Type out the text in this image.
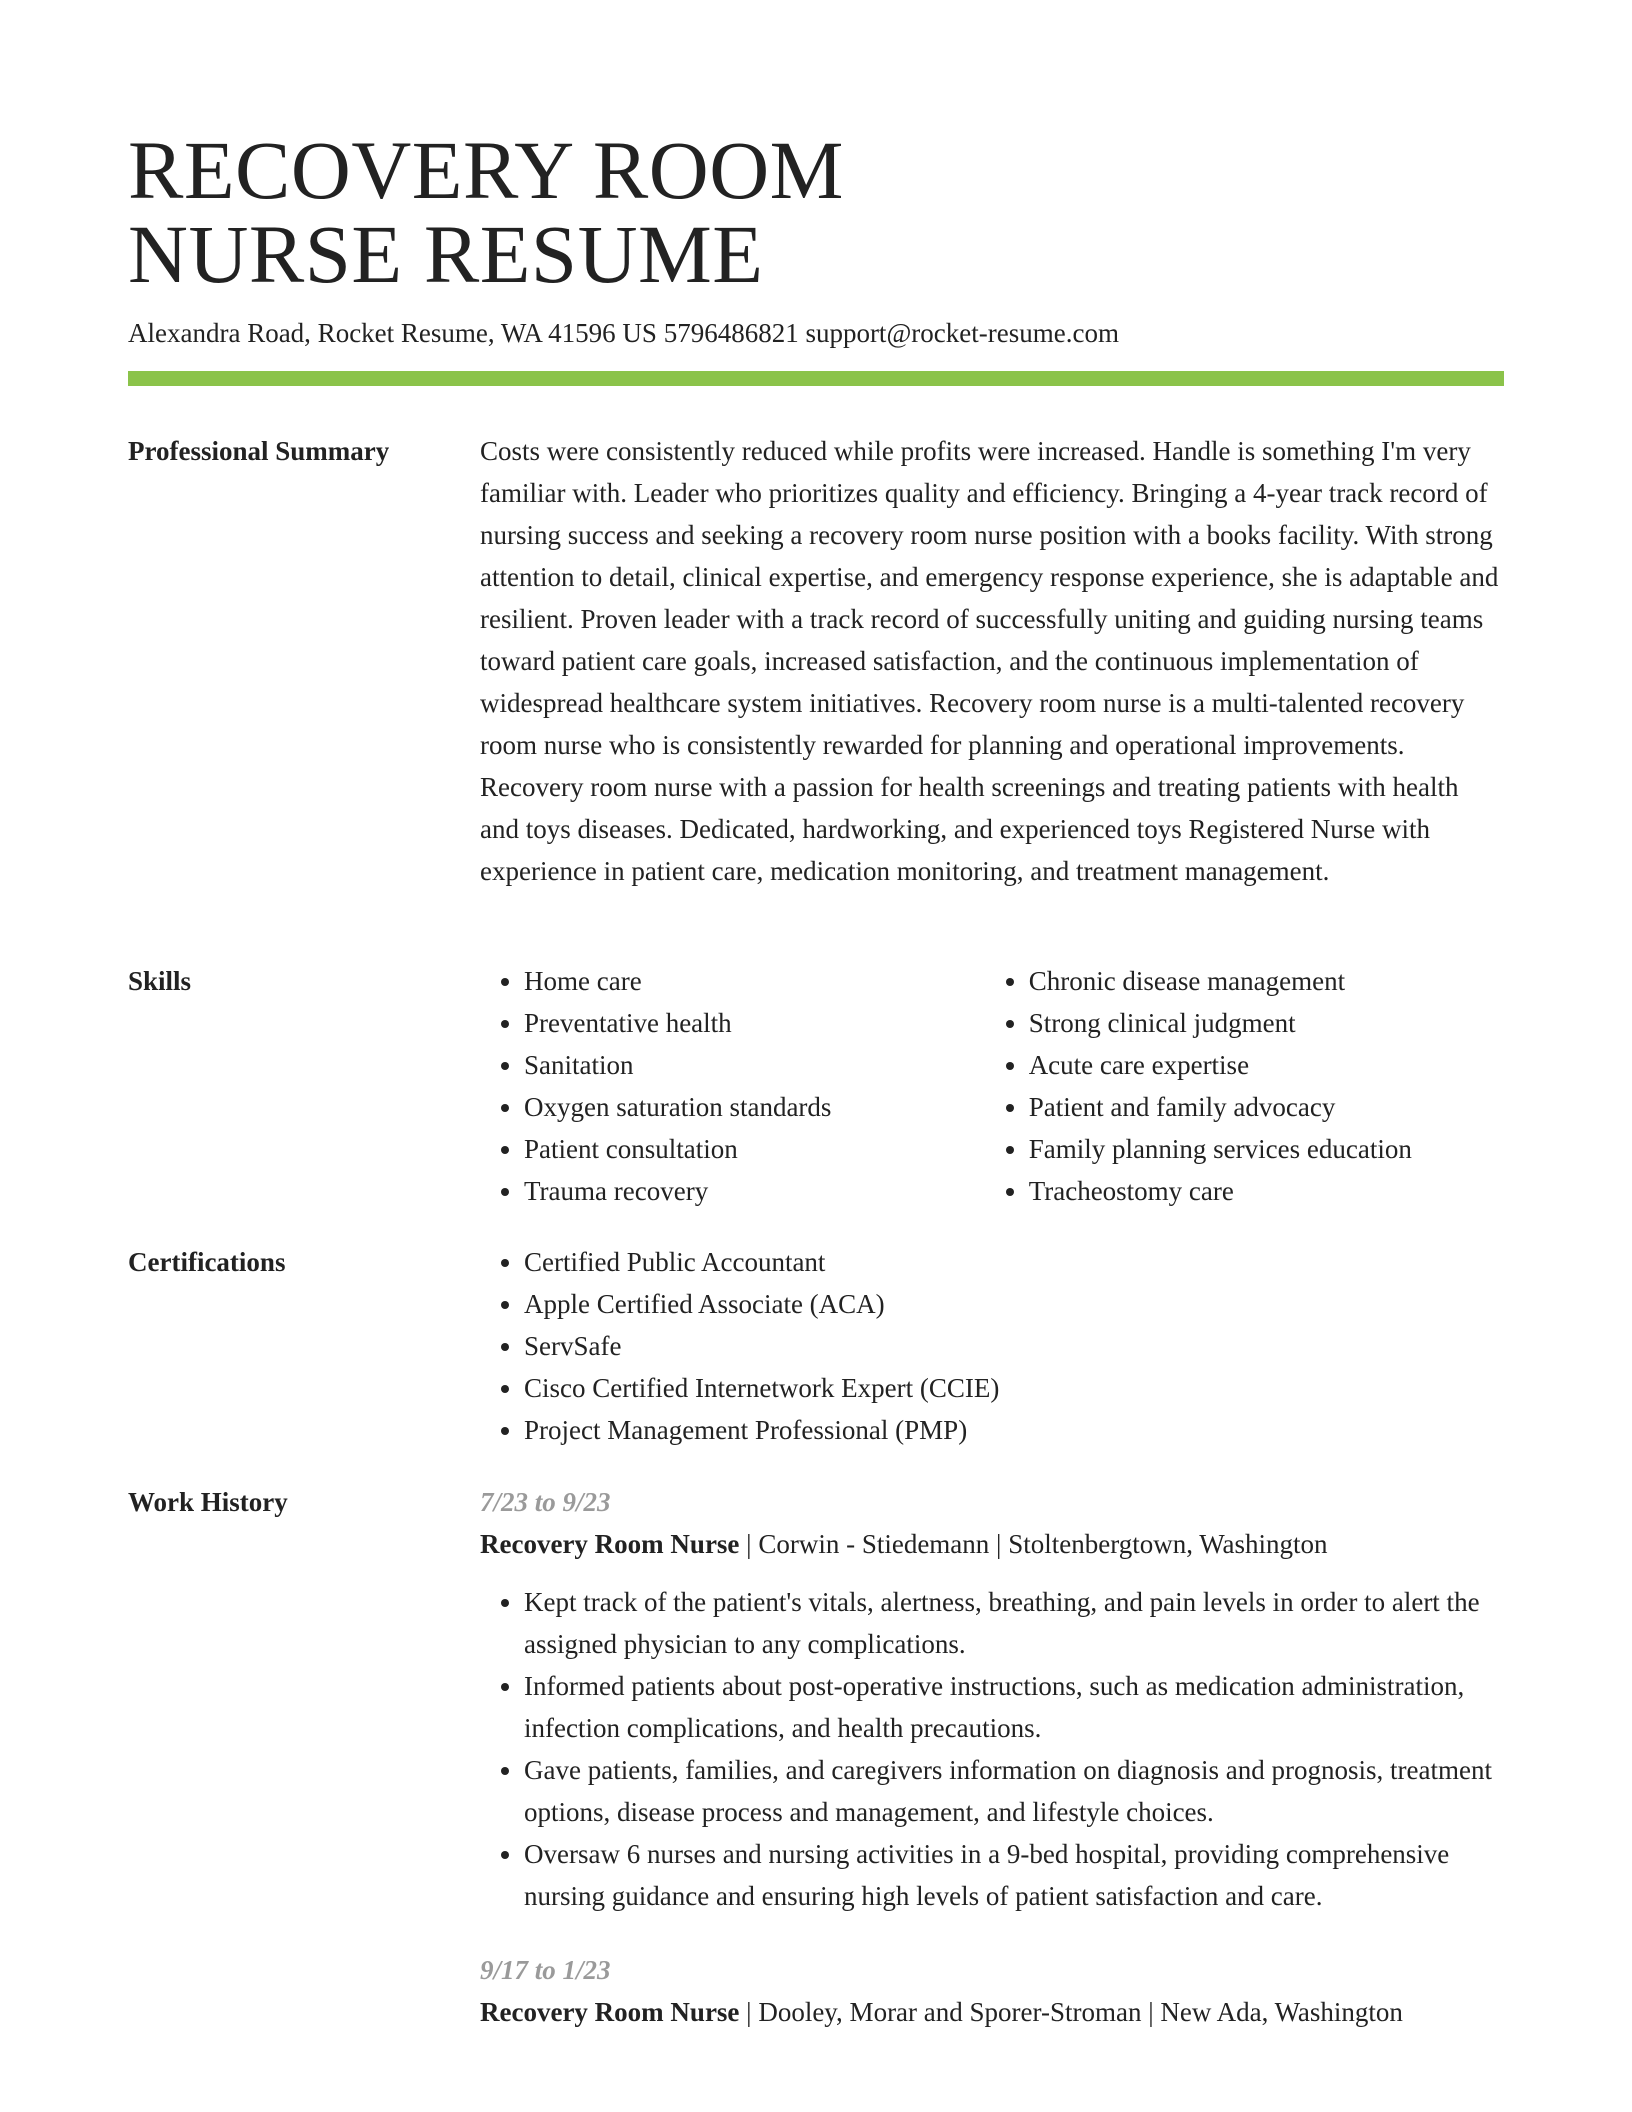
RECOVERY ROOM
NURSE RESUME
Alexandra Road, Rocket Resume, WA 41596 US 5796486821 support@rocket-resume.com
Professional Summary	Costs were consistently reduced while profits were increased. Handle is something I'm very familiar with. Leader who prioritizes quality and efficiency. Bringing a 4-year track record of nursing success and seeking a recovery room nurse position with a books facility. With strong attention to detail, clinical expertise, and emergency response experience, she is adaptable and resilient. Proven leader with a track record of successfully uniting and guiding nursing teams toward patient care goals, increased satisfaction, and the continuous implementation of widespread healthcare system initiatives. Recovery room nurse is a multi-talented recovery room nurse who is consistently rewarded for planning and operational improvements. Recovery room nurse with a passion for health screenings and treating patients with health and toys diseases. Dedicated, hardworking, and experienced toys Registered Nurse with experience in patient care, medication monitoring, and treatment management.

Skills	• Home care
• Preventative health
• Sanitation
• Oxygen saturation standards
• Patient consultation
• Trauma recovery
• Chronic disease management
• Strong clinical judgment
• Acute care expertise
• Patient and family advocacy
• Family planning services education
• Tracheostomy care
Certifications	• Certified Public Accountant
• Apple Certified Associate (ACA)
• ServSafe
• Cisco Certified Internetwork Expert (CCIE)
• Project Management Professional (PMP)
Work History	7/23 to 9/23
Recovery Room Nurse | Corwin - Stiedemann | Stoltenbergtown, Washington
• Kept track of the patient's vitals, alertness, breathing, and pain levels in order to alert the assigned physician to any complications.
• Informed patients about post-operative instructions, such as medication administration, infection complications, and health precautions.
• Gave patients, families, and caregivers information on diagnosis and prognosis, treatment options, disease process and management, and lifestyle choices.
• Oversaw 6 nurses and nursing activities in a 9-bed hospital, providing comprehensive nursing guidance and ensuring high levels of patient satisfaction and care.
9/17 to 1/23
Recovery Room Nurse | Dooley, Morar and Sporer-Stroman | New Ada, Washington
